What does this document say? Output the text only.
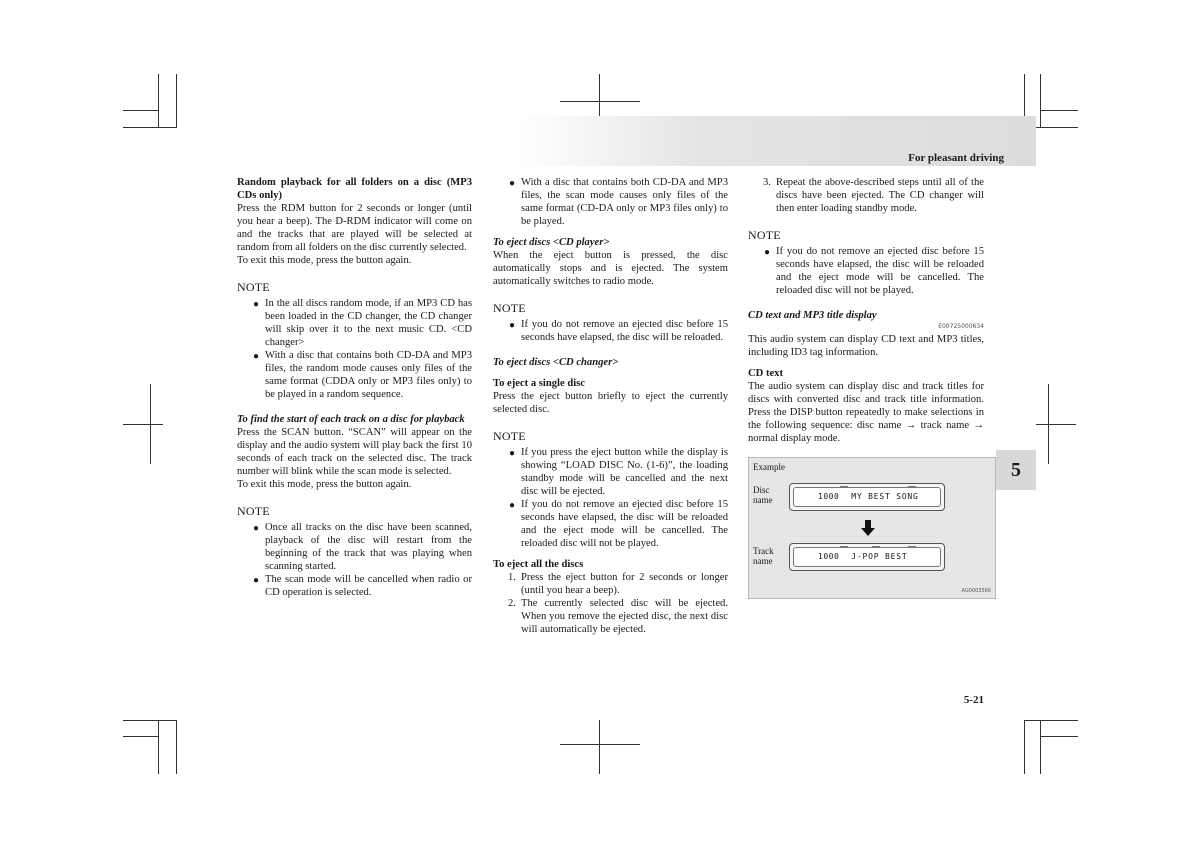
For pleasant driving
5
5-21

Random playback for all folders on a disc (MP3 CDs only)

Press the RDM button for 2 seconds or longer (until you hear a beep). The D-RDM indicator will come on and the tracks that are played will be selected at random from all folders on the disc currently selected.

To exit this mode, press the button again.

NOTE

● In the all discs random mode, if an MP3 CD has been loaded in the CD changer, the CD changer will skip over it to the next music CD. <CD changer>

● With a disc that contains both CD-DA and MP3 files, the random mode causes only files of the same format (CDDA only or MP3 files only) to be played in a random sequence.

To find the start of each track on a disc for playback

Press the SCAN button. “SCAN” will appear on the display and the audio system will play back the first 10 seconds of each track on the selected disc. The track number will blink while the scan mode is selected.

To exit this mode, press the button again.

NOTE

● Once all tracks on the disc have been scanned, playback of the disc will restart from the beginning of the track that was playing when scanning started.

● The scan mode will be cancelled when radio or CD operation is selected.

● With a disc that contains both CD-DA and MP3 files, the scan mode causes only files of the same format (CD-DA only or MP3 files only) to be played.

To eject discs <CD player>

When the eject button is pressed, the disc automatically stops and is ejected. The system automatically switches to radio mode.

NOTE

● If you do not remove an ejected disc before 15 seconds have elapsed, the disc will be reloaded.

To eject discs <CD changer>

To eject a single disc

Press the eject button briefly to eject the currently selected disc.

NOTE

● If you press the eject button while the display is showing “LOAD DISC No. (1-6)”, the loading standby mode will be cancelled and the next disc will be ejected.

● If you do not remove an ejected disc before 15 seconds have elapsed, the disc will be reloaded and the eject mode will be cancelled. The reloaded disc will not be played.

To eject all the discs

1. Press the eject button for 2 seconds or longer (until you hear a beep).

2. The currently selected disc will be ejected. When you remove the ejected disc, the next disc will automatically be ejected.

3. Repeat the above-described steps until all of the discs have been ejected. The CD changer will then enter loading standby mode.

NOTE

● If you do not remove an ejected disc before 15 seconds have elapsed, the disc will be reloaded and the eject mode will be cancelled. The reloaded disc will not be played.

CD text and MP3 title display

E00725000634

This audio system can display CD text and MP3 titles, including ID3 tag information.

CD text

The audio system can display disc and track titles for discs with converted disc and track title information. Press the DISP button repeatedly to make selections in the following sequence: disc name → track name → normal display mode.

Example
Disc
name	1000 MY BEST SONG
Track
name	1000 J-POP BEST
AG0003566
